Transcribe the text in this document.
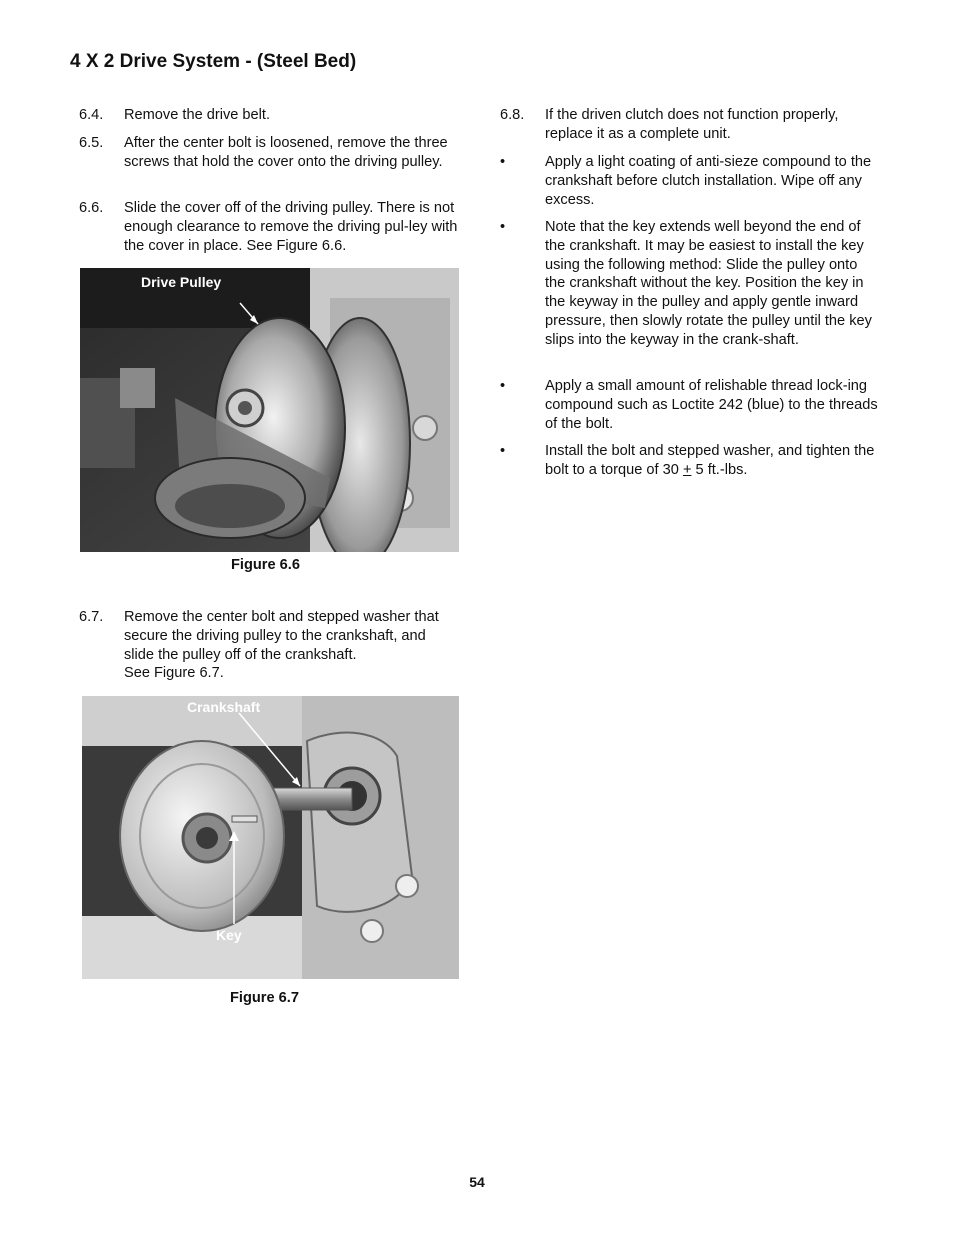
4 X 2 Drive System - (Steel Bed)
6.4. Remove the drive belt.
6.5. After the center bolt is loosened, remove the three screws that hold the cover onto the driving pulley.
6.6. Slide the cover off of the driving pulley. There is not enough clearance to remove the driving pul-ley with the cover in place. See Figure 6.6.
6.7. Remove the center bolt and stepped washer that secure the driving pulley to the crankshaft, and slide the pulley off of the crankshaft.
See Figure 6.7.
Drive Pulley
Figure 6.6
Crankshaft
Key
Figure 6.7
6.8. If the driven clutch does not function properly, replace it as a complete unit.
•	Apply a light coating of anti-sieze compound to the crankshaft before clutch installation. Wipe off any excess.
•	Note that the key extends well beyond the end of the crankshaft. It may be easiest to install the key using the following method: Slide the pulley onto the crankshaft without the key. Position the key in the keyway in the pulley and apply gentle inward pressure, then slowly rotate the pulley until the key slips into the keyway in the crank-shaft.
•	Apply a small amount of relishable thread lock-ing compound such as Loctite 242 (blue) to the threads of the bolt.
•	Install the bolt and stepped washer, and tighten the bolt to a torque of 30 + 5 ft.-lbs.
54
